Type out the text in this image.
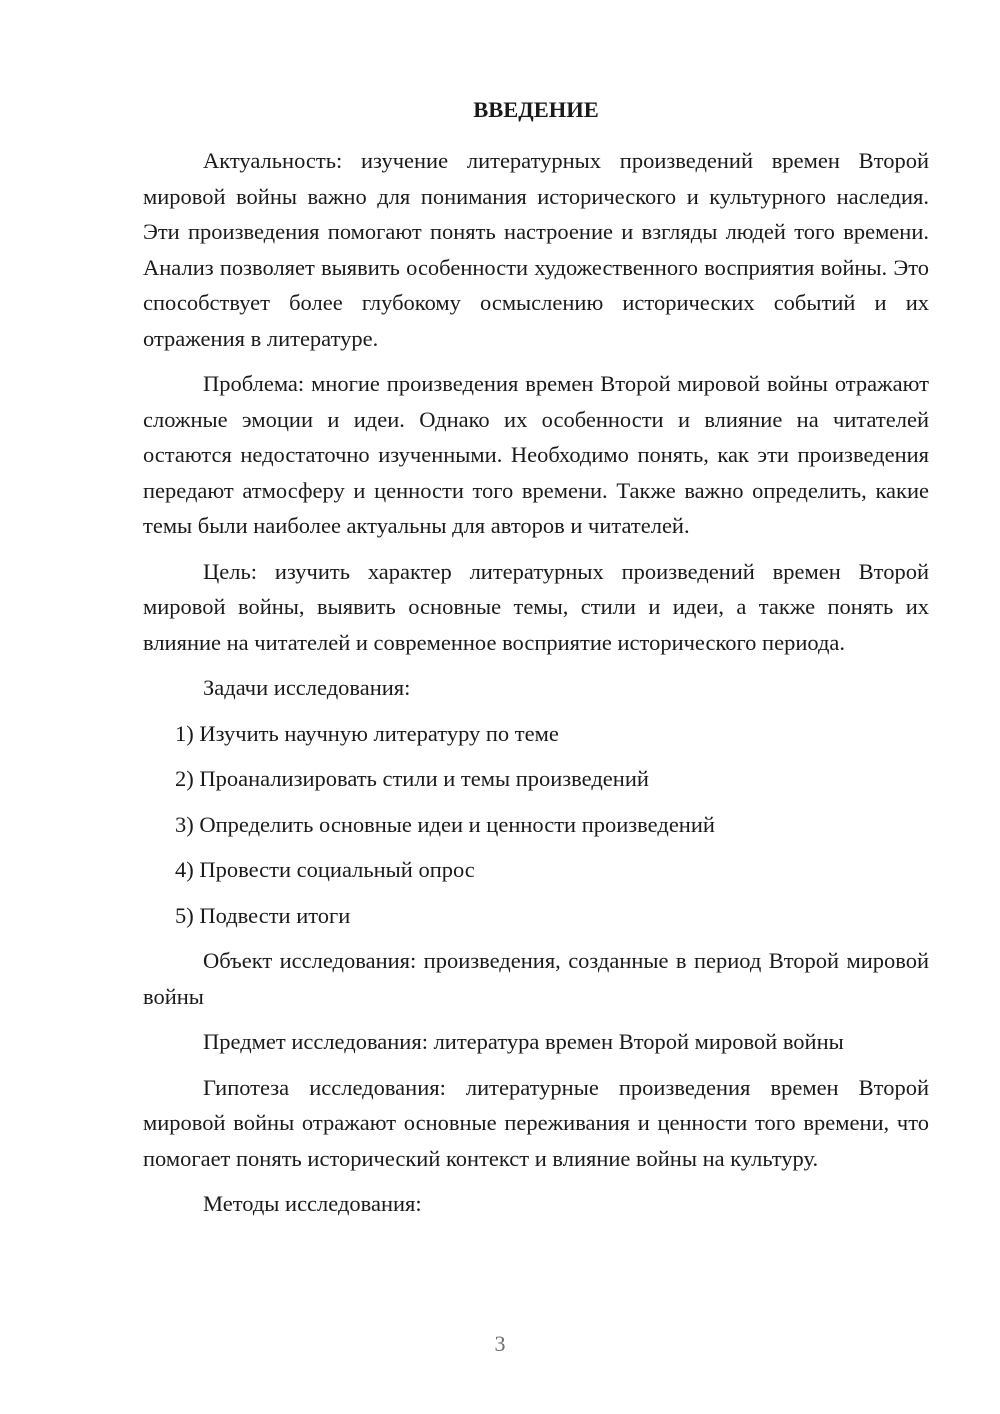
ВВЕДЕНИЕ

Актуальность: изучение литературных произведений времен Второй мировой войны важно для понимания исторического и культурного наследия. Эти произведения помогают понять настроение и взгляды людей того времени. Анализ позволяет выявить особенности художественного восприятия войны. Это способствует более глубокому осмыслению исторических событий и их отражения в литературе.

Проблема: многие произведения времен Второй мировой войны отражают сложные эмоции и идеи. Однако их особенности и влияние на читателей остаются недостаточно изученными. Необходимо понять, как эти произведения передают атмосферу и ценности того времени. Также важно определить, какие темы были наиболее актуальны для авторов и читателей.

Цель: изучить характер литературных произведений времен Второй мировой войны, выявить основные темы, стили и идеи, а также понять их влияние на читателей и современное восприятие исторического периода.

Задачи исследования:

1) Изучить научную литературу по теме
2) Проанализировать стили и темы произведений
3) Определить основные идеи и ценности произведений
4) Провести социальный опрос
5) Подвести итоги

Объект исследования: произведения, созданные в период Второй мировой войны

Предмет исследования: литература времен Второй мировой войны

Гипотеза исследования: литературные произведения времен Второй мировой войны отражают основные переживания и ценности того времени, что помогает понять исторический контекст и влияние войны на культуру.

Методы исследования:

3
